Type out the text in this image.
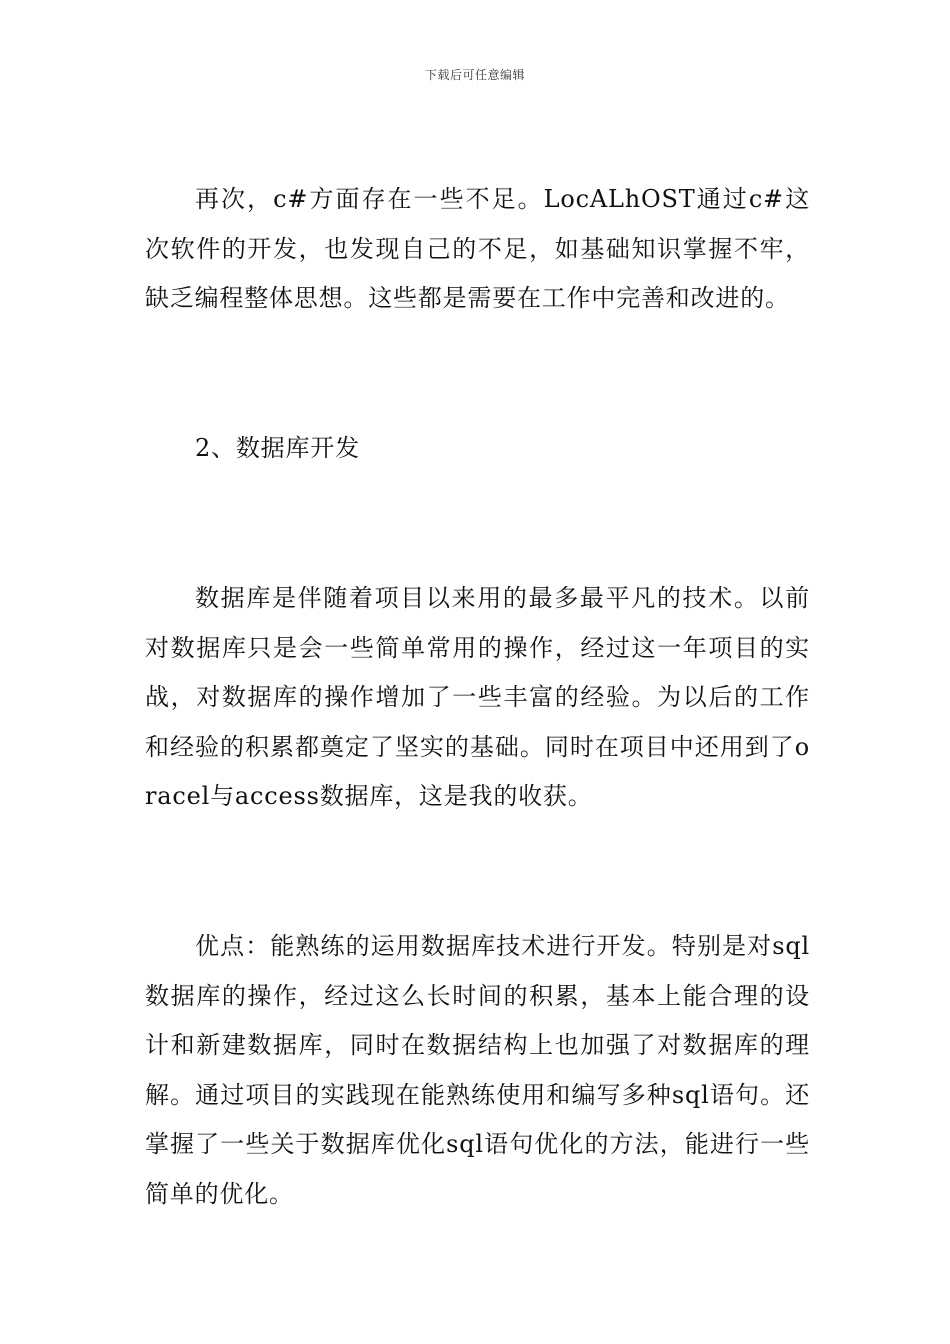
下载后可任意编辑

再次，c#方面存在一些不足。LocALhOST通过c#这次软件的开发，也发现自己的不足，如基础知识掌握不牢，缺乏编程整体思想。这些都是需要在工作中完善和改进的。

2、数据库开发

数据库是伴随着项目以来用的最多最平凡的技术。以前对数据库只是会一些简单常用的操作，经过这一年项目的实战，对数据库的操作增加了一些丰富的经验。为以后的工作和经验的积累都奠定了坚实的基础。同时在项目中还用到了oracel与access数据库，这是我的收获。

优点：能熟练的运用数据库技术进行开发。特别是对sql数据库的操作，经过这么长时间的积累，基本上能合理的设计和新建数据库，同时在数据结构上也加强了对数据库的理解。通过项目的实践现在能熟练使用和编写多种sql语句。还掌握了一些关于数据库优化sql语句优化的方法，能进行一些简单的优化。
